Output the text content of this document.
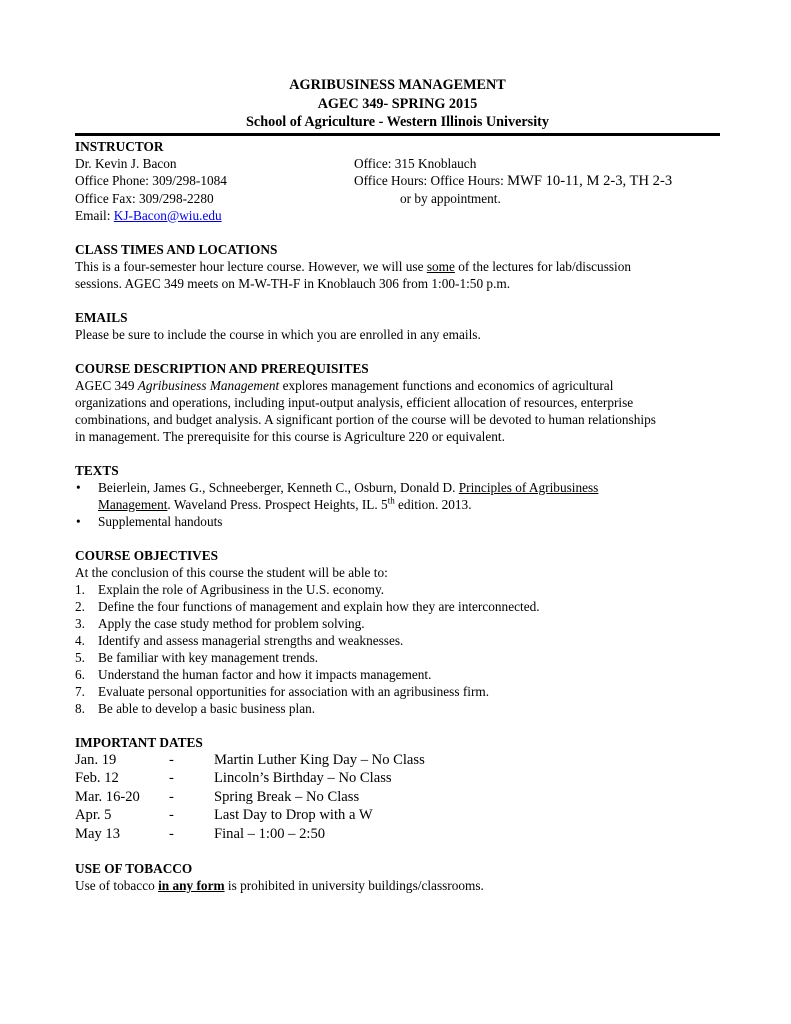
AGRIBUSINESS MANAGEMENT
AGEC 349- SPRING 2015
School of Agriculture - Western Illinois University
INSTRUCTOR
Dr. Kevin J. Bacon	Office: 315 Knoblauch
Office Phone: 309/298-1084	Office Hours: Office Hours: MWF 10-11, M 2-3, TH 2-3
Office Fax: 309/298-2280	or by appointment.
Email: KJ-Bacon@wiu.edu
CLASS TIMES AND LOCATIONS
This is a four-semester hour lecture course. However, we will use some of the lectures for lab/discussion
sessions. AGEC 349 meets on M-W-TH-F in Knoblauch 306 from 1:00-1:50 p.m.
EMAILS
Please be sure to include the course in which you are enrolled in any emails.
COURSE DESCRIPTION AND PREREQUISITES
AGEC 349 Agribusiness Management explores management functions and economics of agricultural
organizations and operations, including input-output analysis, efficient allocation of resources, enterprise
combinations, and budget analysis. A significant portion of the course will be devoted to human relationships
in management. The prerequisite for this course is Agriculture 220 or equivalent.
TEXTS
• Beierlein, James G., Schneeberger, Kenneth C., Osburn, Donald D. Principles of Agribusiness
Management. Waveland Press. Prospect Heights, IL. 5th edition. 2013.
• Supplemental handouts
COURSE OBJECTIVES
At the conclusion of this course the student will be able to:
1. Explain the role of Agribusiness in the U.S. economy.
2. Define the four functions of management and explain how they are interconnected.
3. Apply the case study method for problem solving.
4. Identify and assess managerial strengths and weaknesses.
5. Be familiar with key management trends.
6. Understand the human factor and how it impacts management.
7. Evaluate personal opportunities for association with an agribusiness firm.
8. Be able to develop a basic business plan.
IMPORTANT DATES
Jan. 19	-	Martin Luther King Day – No Class
Feb. 12	-	Lincoln’s Birthday – No Class
Mar. 16-20	-	Spring Break – No Class
Apr. 5	-	Last Day to Drop with a W
May 13	-	Final – 1:00 – 2:50
USE OF TOBACCO
Use of tobacco in any form is prohibited in university buildings/classrooms.
